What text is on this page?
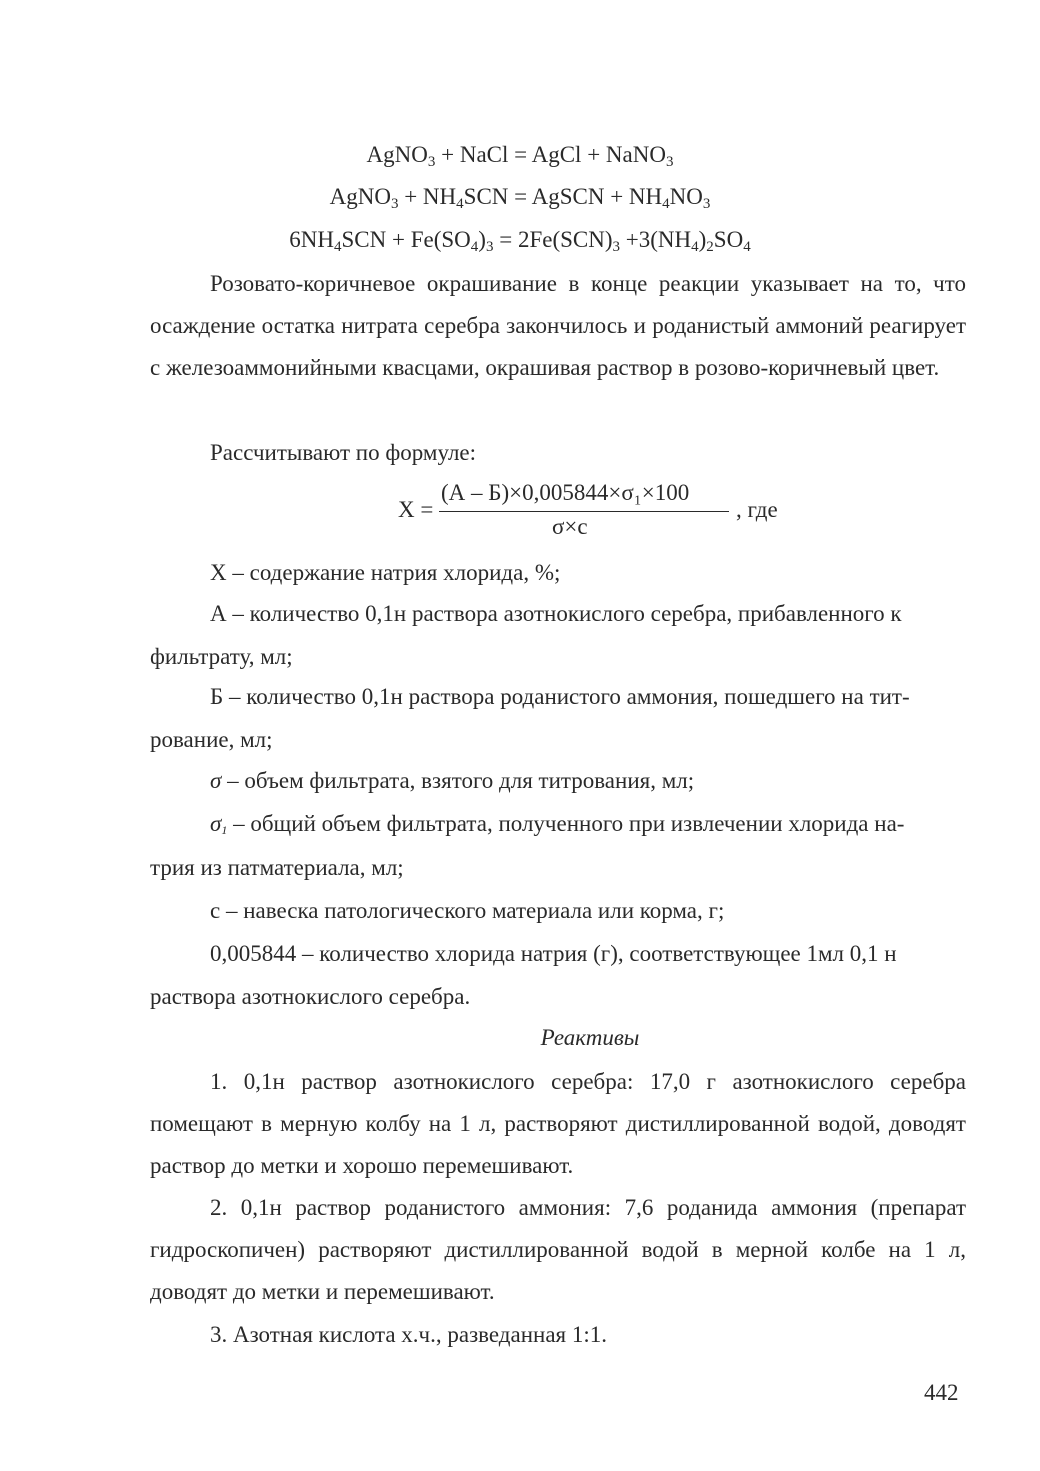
AgNO$_3$ + NaCl = AgCl + NaNO$_3$
AgNO$_3$ + $NH_4SCN$ = AgSCN + $NH_4NO_3$
$6NH_4SCN + Fe(SO_4)_3 = 2Fe(SCN)_3 +3(NH_4)_2SO_4$
Розовато-коричневое окрашивание в конце реакции указывает на то, что осаждение остатка нитрата серебра закончилось и роданистый аммоний реагирует с железоаммонийными квасцами, окрашивая раствор в розово-коричневый цвет.
Рассчитывают по формуле:
X =
(А – Б)×0,005844×σ₁×100
σ×c
, где
Х – содержание натрия хлорида, %;
А – количество 0,1н раствора азотнокислого серебра, прибавленного к
фильтрату, мл;
Б – количество 0,1н раствора роданистого аммония, пошедшего на тит-
рование, мл;
σ – объем фильтрата, взятого для титрования, мл;
$\sigma_1$ – общий объем фильтрата, полученного при извлечении хлорида на-
трия из патматериала, мл;
с – навеска патологического материала или корма, г;
0,005844 – количество хлорида натрия (г), соответствующее 1мл 0,1 н
раствора азотнокислого серебра.
Реактивы
1. 0,1н раствор азотнокислого серебра: 17,0 г азотнокислого серебра помещают в мерную колбу на 1 л, растворяют дистиллированной водой, доводят раствор до метки и хорошо перемешивают.
2. 0,1н раствор роданистого аммония: 7,6 роданида аммония (препарат гидроскопичен) растворяют дистиллированной водой в мерной колбе на 1 л, доводят до метки и перемешивают.
3. Азотная кислота х.ч., разведанная 1:1.
442
